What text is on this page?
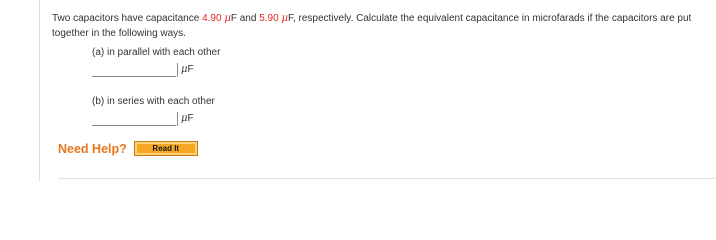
Two capacitors have capacitance 4.90 μF and 5.90 μF, respectively. Calculate the equivalent capacitance in microfarads if the capacitors are put together in the following ways.
(a) in parallel with each other
μF
(b) in series with each other
μF
Need Help?	Read It
